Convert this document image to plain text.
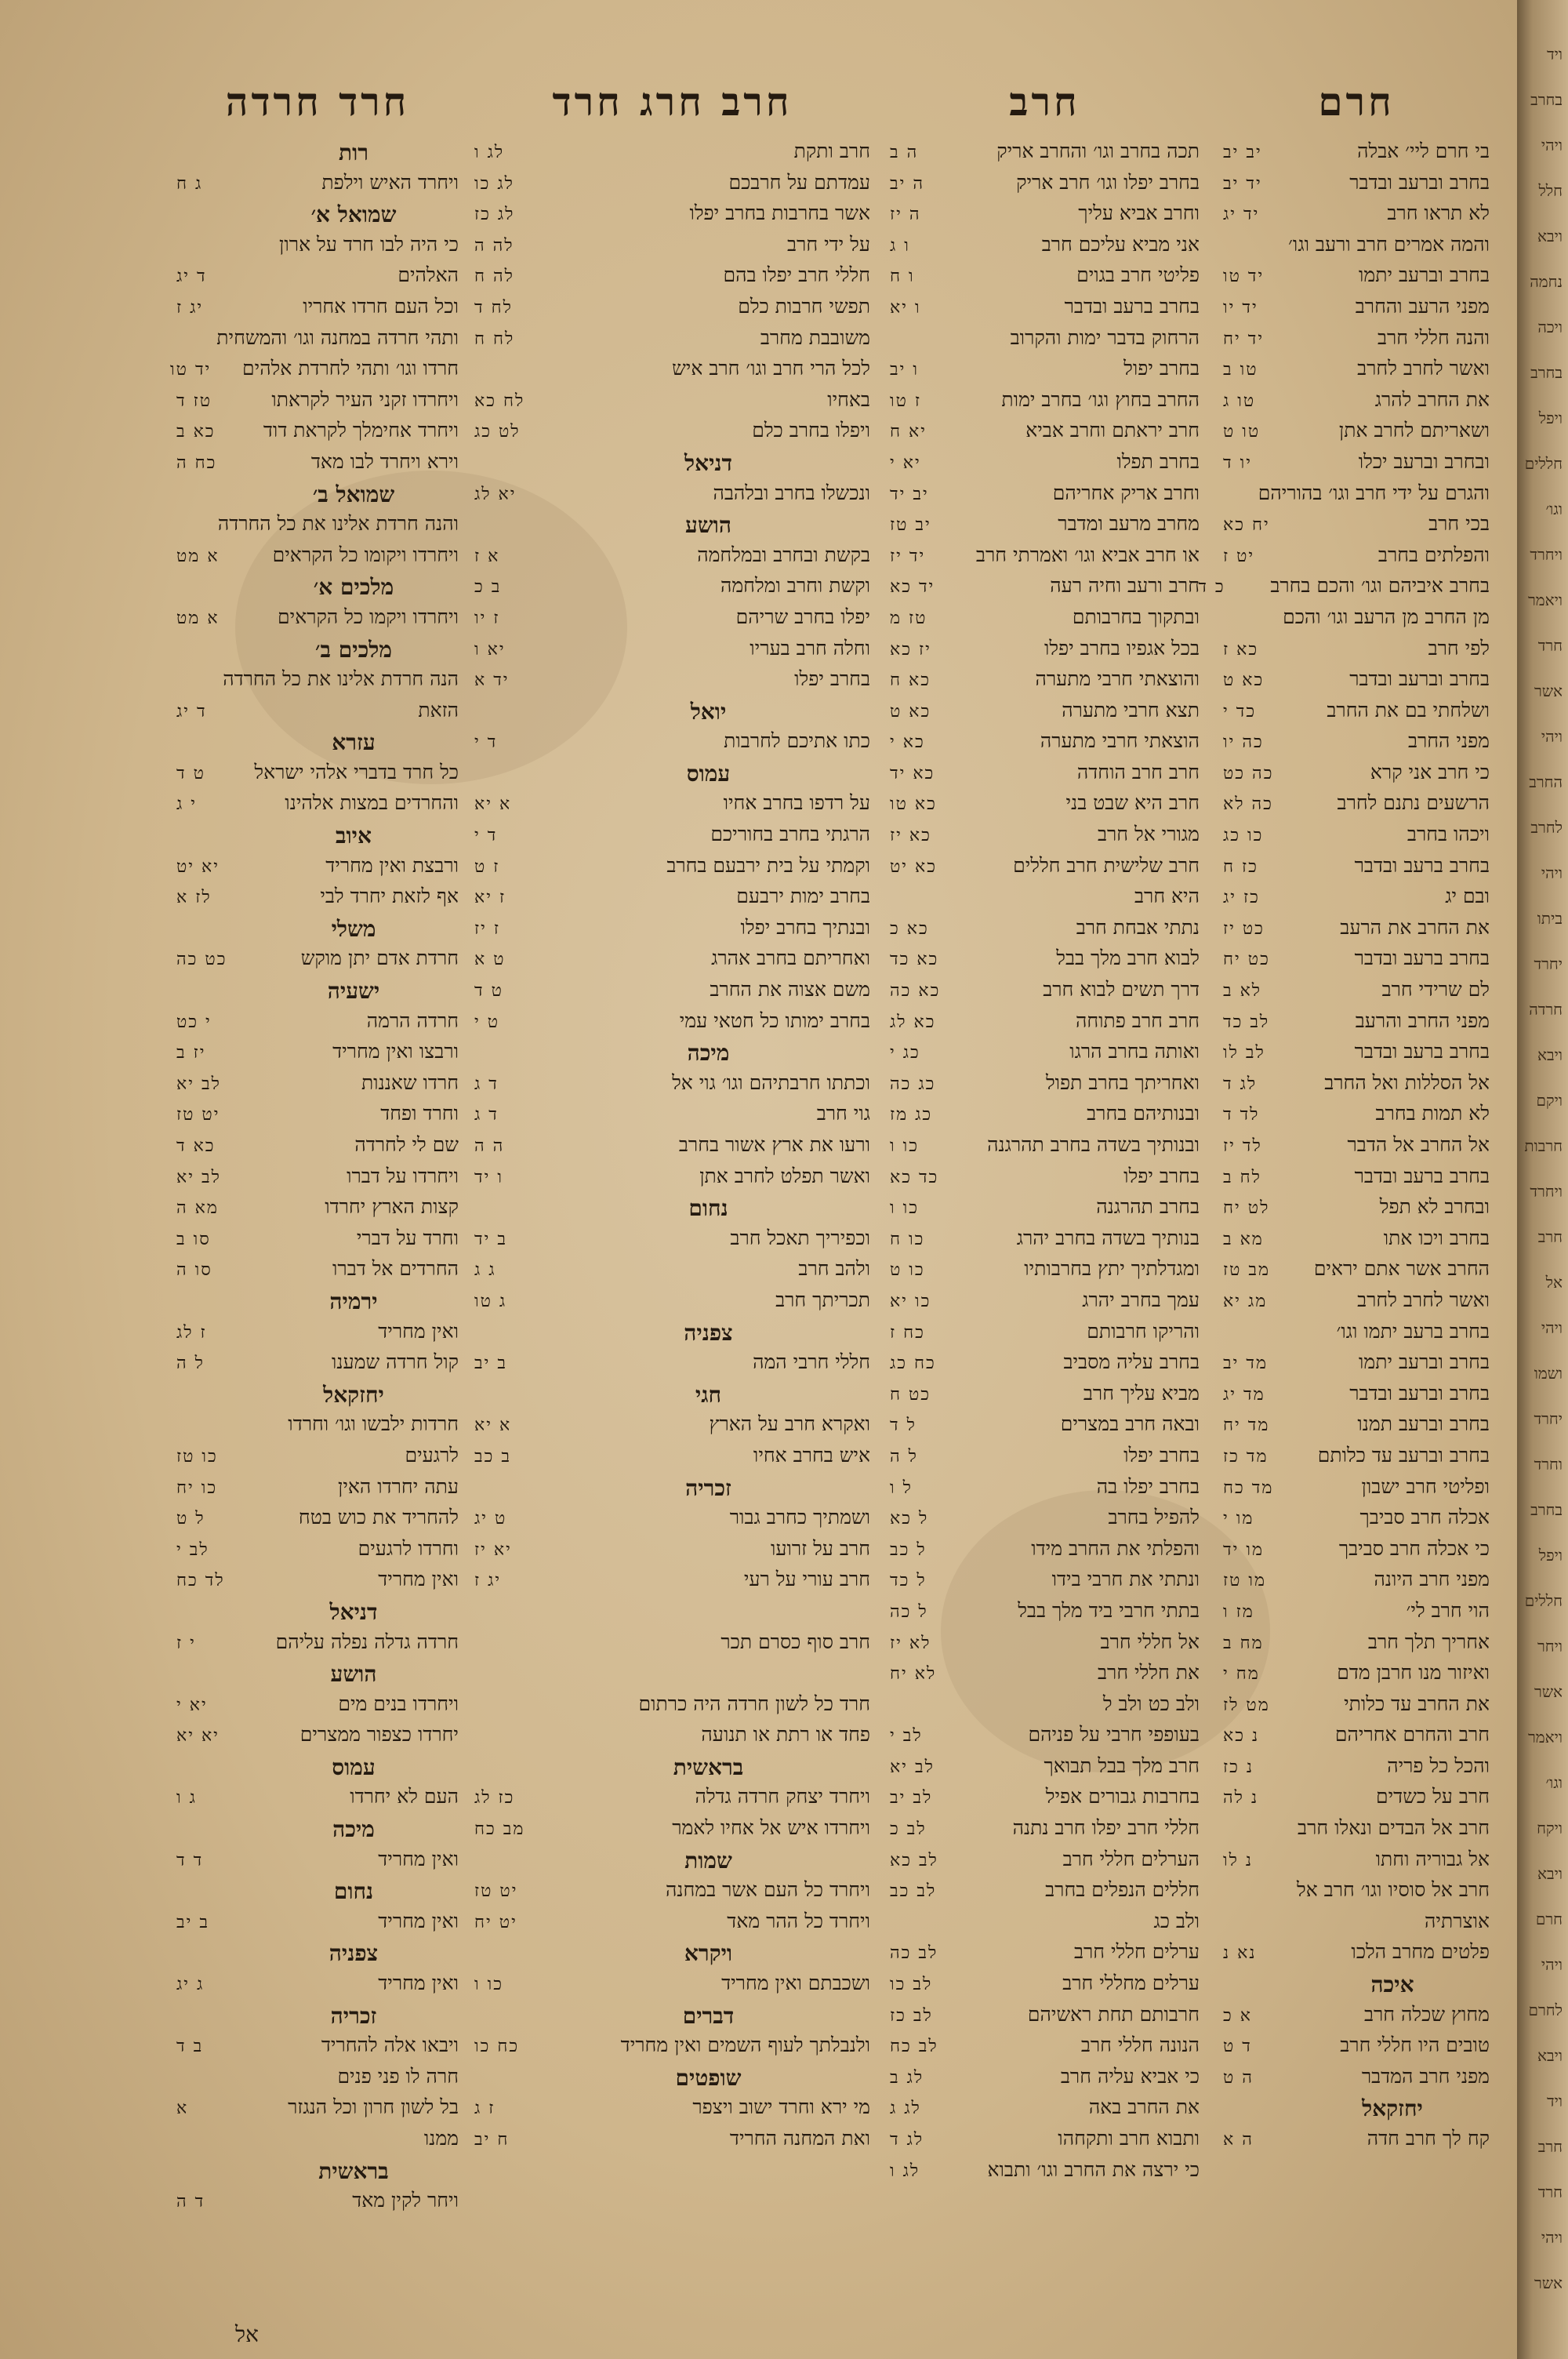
חרם
חרב
חרב חרג חרד
חרד חרדה
בי חרם ליי׳ אבלה
יב יב
בחרב וברעב ובדבר
יד יב
לא תראו חרב
יד יג
והמה אמרים חרב ורעב וגו׳
בחרב וברעב יתמו
יד טו
מפני הרעב והחרב
יד יו
והנה חללי חרב
יד יח
ואשר לחרב לחרב
טו ב
את החרב להרג
טו ג
ושאריתם לחרב אתן
טו ט
ובחרב וברעב יכלו
יו ד
והגרם על ידי חרב וגו׳ בהוריהם
בכי חרב
יח כא
והפלתים בחרב
יט ז
בחרב איביהם וגו׳ והכם בחרב
כ ד
מן החרב מן הרעב וגו׳ והכם
לפי חרב
כא ז
בחרב וברעב ובדבר
כא ט
ושלחתי בם את החרב
כד י
מפני החרב
כה יו
כי חרב אני קרא
כה כט
הרשעים נתנם לחרב
כה לא
ויכהו בחרב
כו כג
בחרב ברעב ובדבר
כז ח
ובם יג
כז יג
את החרב את הרעב
כט יז
בחרב ברעב ובדבר
כט יח
לם שרידי חרב
לא ב
מפני החרב והרעב
לב כד
בחרב ברעב ובדבר
לב לו
אל הסללות ואל החרב
לג ד
לא תמות בחרב
לד ד
אל החרב אל הדבר
לד יז
בחרב ברעב ובדבר
לח ב
ובחרב לא תפל
לט יח
בחרב ויכו אתו
מא ב
החרב אשר אתם יראים
מב טז
ואשר לחרב לחרב
מג יא
בחרב ברעב יתמו וגו׳
בחרב וברעב יתמו
מד יב
בחרב וברעב ובדבר
מד יג
בחרב וברעב תמנו
מד יח
בחרב וברעב עד כלותם
מד כז
ופליטי חרב ישבון
מד כח
אכלה חרב סביבך
מו י
כי אכלה חרב סביבך
מו יד
מפני חרב היונה
מו טז
הוי חרב לי׳
מז ו
אחריך תלך חרב
מח ב
ואיזור מנו חרבן מדם
מח י
את החרב עד כלותי
מט לז
חרב והחרם אחריהם
נ כא
והכל כל פריה
נ כז
חרב על כשדים
נ לה
חרב אל הבדים ונאלו חרב
אל גבוריה וחתו
נ לו
חרב אל סוסיו וגו׳ חרב אל
אוצרתיה
פלטים מחרב הלכו
נא נ
איכה
מחוץ שכלה חרב
א כ
טובים היו חללי חרב
ד ט
מפני חרב המדבר
ה ט
יחזקאל
קח לך חרב חדה
ה א
תכה בחרב וגו׳ והחרב אריק
ה ב
בחרב יפלו וגו׳ חרב אריק
ה יב
וחרב אביא עליך
ה יז
אני מביא עליכם חרב
ו ג
פליטי חרב בגוים
ו ח
בחרב ברעב ובדבר
ו יא
הרחוק בדבר ימות והקרוב
בחרב יפול
ו יב
החרב בחוץ וגו׳ בחרב ימות
ז טו
חרב יראתם וחרב אביא
יא ח
בחרב תפלו
יא י
וחרב אריק אחריהם
יב יד
מחרב מרעב ומדבר
יב טז
או חרב אביא וגו׳ ואמרתי חרב
יד יז
חרב ורעב וחיה רעה
יד כא
ובתקוך בחרבותם
טז מ
בכל אגפיו בחרב יפלו
יז כא
והוצאתי חרבי מתערה
כא ח
תצא חרבי מתערה
כא ט
הוצאתי חרבי מתערה
כא י
חרב חרב הוחדה
כא יד
חרב היא שבט בני
כא טו
מגורי אל חרב
כא יז
חרב שלישית חרב חללים
כא יט
היא חרב
נתתי אבחת חרב
כא כ
לבוא חרב מלך בבל
כא כד
דרך תשים לבוא חרב
כא כה
חרב חרב פתוחה
כא לג
ואותה בחרב הרגו
כג י
ואחריתך בחרב תפול
כג כה
ובנותיהם בחרב
כג מז
ובנותיך בשדה בחרב תהרגנה
כו ו
בחרב יפלו
כד כא
בחרב תהרגנה
כו ו
בנותיך בשדה בחרב יהרג
כו ח
ומגדלתיך יתץ בחרבותיו
כו ט
עמך בחרב יהרג
כו יא
והריקו חרבותם
כח ז
בחרב עליה מסביב
כח כג
מביא עליך חרב
כט ח
ובאה חרב במצרים
ל ד
בחרב יפלו
ל ה
בחרב יפלו בה
ל ו
להפיל בחרב
ל כא
והפלתי את החרב מידו
ל כב
ונתתי את חרבי בידו
ל כד
בתתי חרבי ביד מלך בבל
ל כה
אל חללי חרב
לא יז
את חללי חרב
לא יח
ולב כט ולב ל
בעופפי חרבי על פניהם
לב י
חרב מלך בבל תבואך
לב יא
בחרבות גבורים אפיל
לב יב
חללי חרב יפלו חרב נתנה
לב כ
הערלים חללי חרב
לב כא
חללים הנפלים בחרב
לב כב
ולב כג
ערלים חללי חרב
לב כה
ערלים מחללי חרב
לב כו
חרבותם תחת ראשיהם
לב כז
הנונה חללי חרב
לב כח
כי אביא עליה חרב
לג ב
את החרב באה
לג ג
ותבוא חרב ותקחהו
לג ד
כי ירצה את החרב וגו׳ ותבוא
לג ו
חרב ותקת
לג ו
עמדתם על חרבכם
לג כו
אשר בחרבות בחרב יפלו
לג כז
על ידי חרב
לה ה
חללי חרב יפלו בהם
לה ח
תפשי חרבות כלם
לח ד
משובבת מחרב
לח ח
לכל הרי חרב וגו׳ חרב איש
באחיו
לח כא
ויפלו בחרב כלם
לט כג
דניאל
ונכשלו בחרב ובלהבה
יא לג
הושע
בקשת ובחרב ובמלחמה
א ז
וקשת וחרב ומלחמה
ב כ
יפלו בחרב שריהם
ז יו
וחלה חרב בעריו
יא ו
בחרב יפלו
יד א
יואל
כתו אתיכם לחרבות
ד י
עמוס
על רדפו בחרב אחיו
א יא
הרגתי בחרב בחוריכם
ד י
וקמתי על בית ירבעם בחרב
ז ט
בחרב ימות ירבעם
ז יא
ובנתיך בחרב יפלו
ז יז
ואחריתם בחרב אהרג
ט א
משם אצוה את החרב
ט ד
בחרב ימותו כל חטאי עמי
ט י
מיכה
וכתתו חרבתיהם וגו׳ גוי אל
ד ג
גוי חרב
ד ג
ורעו את ארץ אשור בחרב
ה ה
ואשר תפלט לחרב אתן
ו יד
נחום
וכפיריך תאכל חרב
ב יד
ולהב חרב
ג ג
תכריתך חרב
ג טו
צפניה
חללי חרבי המה
ב יב
חגי
ואקרא חרב על הארץ
א יא
איש בחרב אחיו
ב כב
זכריה
ושמתיך כחרב גבור
ט יג
חרב על זרועו
יא יז
חרב עורי על רעי
יג ז
חרב סוף כסרם תכר
חרד כל לשון חרדה היה כרתום
פחד או רתת או תנועה
בראשית
ויחרד יצחק חרדה גדלה
כז לג
ויחרדו איש אל אחיו לאמר
מב כח
שמות
ויחרד כל העם אשר במחנה
יט טז
ויחרד כל ההר מאד
יט יח
ויקרא
ושכבתם ואין מחריד
כו ו
דברים
ולנבלתך לעוף השמים ואין מחריד
כח כו
שופטים
מי ירא וחרד ישוב ויצפר
ז ג
ואת המחנה החריד
ח יב
רות
ויחרד האיש וילפת
ג ח
שמואל א׳
כי היה לבו חרד על ארון
האלהים
ד יג
וכל העם חרדו אחריו
יג ז
ותהי חרדה במחנה וגו׳ והמשחית
חרדו וגו׳ ותהי לחרדת אלהים
יד טו
ויחרדו זקני העיר לקראתו
טז ד
ויחרד אחימלך לקראת דוד
כא ב
וירא ויחרד לבו מאד
כח ה
שמואל ב׳
והנה חרדת אלינו את כל החרדה
ויחרדו ויקומו כל הקראים
א מט
מלכים א׳
ויחרדו ויקמו כל הקראים
א מט
מלכים ב׳
הנה חרדת אלינו את כל החרדה
הזאת
ד יג
עזרא
כל חרד בדברי אלהי ישראל
ט ד
והחרדים במצות אלהינו
י ג
איוב
ורבצת ואין מחריד
יא יט
אף לזאת יחרד לבי
לז א
משלי
חרדת אדם יתן מוקש
כט כה
ישעיה
חרדה הרמה
י כט
ורבצו ואין מחריד
יז ב
חרדו שאננות
לב יא
וחרד ופחד
יט טז
שם לי לחרדה
כא ד
ויחרדו על דברו
לב יא
קצות הארץ יחרדו
מא ה
וחרד על דברי
סו ב
החרדים אל דברו
סו ה
ירמיה
ואין מחריד
ז לג
קול חרדה שמענו
ל ה
יחזקאל
חרדות ילבשו וגו׳ וחרדו
לרגעים
כו טז
עתה יחרדו האין
כו יח
להחריד את כוש בטח
ל ט
וחרדו לרגעים
לב י
ואין מחריד
לד כח
דניאל
חרדה גדלה נפלה עליהם
י ז
הושע
ויחרדו בנים מים
יא י
יחרדו כצפור ממצרים
יא יא
עמוס
העם לא יחרדו
ג ו
מיכה
ואין מחריד
ד ד
נחום
ואין מחריד
ב יב
צפניה
ואין מחריד
ג יג
זכריה
ויבאו אלה להחריד
ב ד
חרה לו פני פנים
בל לשון חרון וכל הנגזר
א
ממנו
בראשית
ויחר לקין מאד
ד ה
אל
ויד
בחרב
ויהי
חלל
ויבא
נחמה
ויכה
בחרב
ויפל
חללים
וגו׳
ויחרד
ויאמר
חרד
אשר
ויהי
החרב
לחרב
ויהי
ביתו
יחרד
חרדה
ויבא
ויקם
חרבות
ויחרד
חרב
אל
ויהי
ושמו
יחרד
וחרד
בחרב
ויפל
חללים
ויחר
אשר
ויאמר
וגו׳
ויקח
ויבא
חרם
ויהי
לחרם
ויבא
ויד
חרב
חרד
ויהי
אשר
